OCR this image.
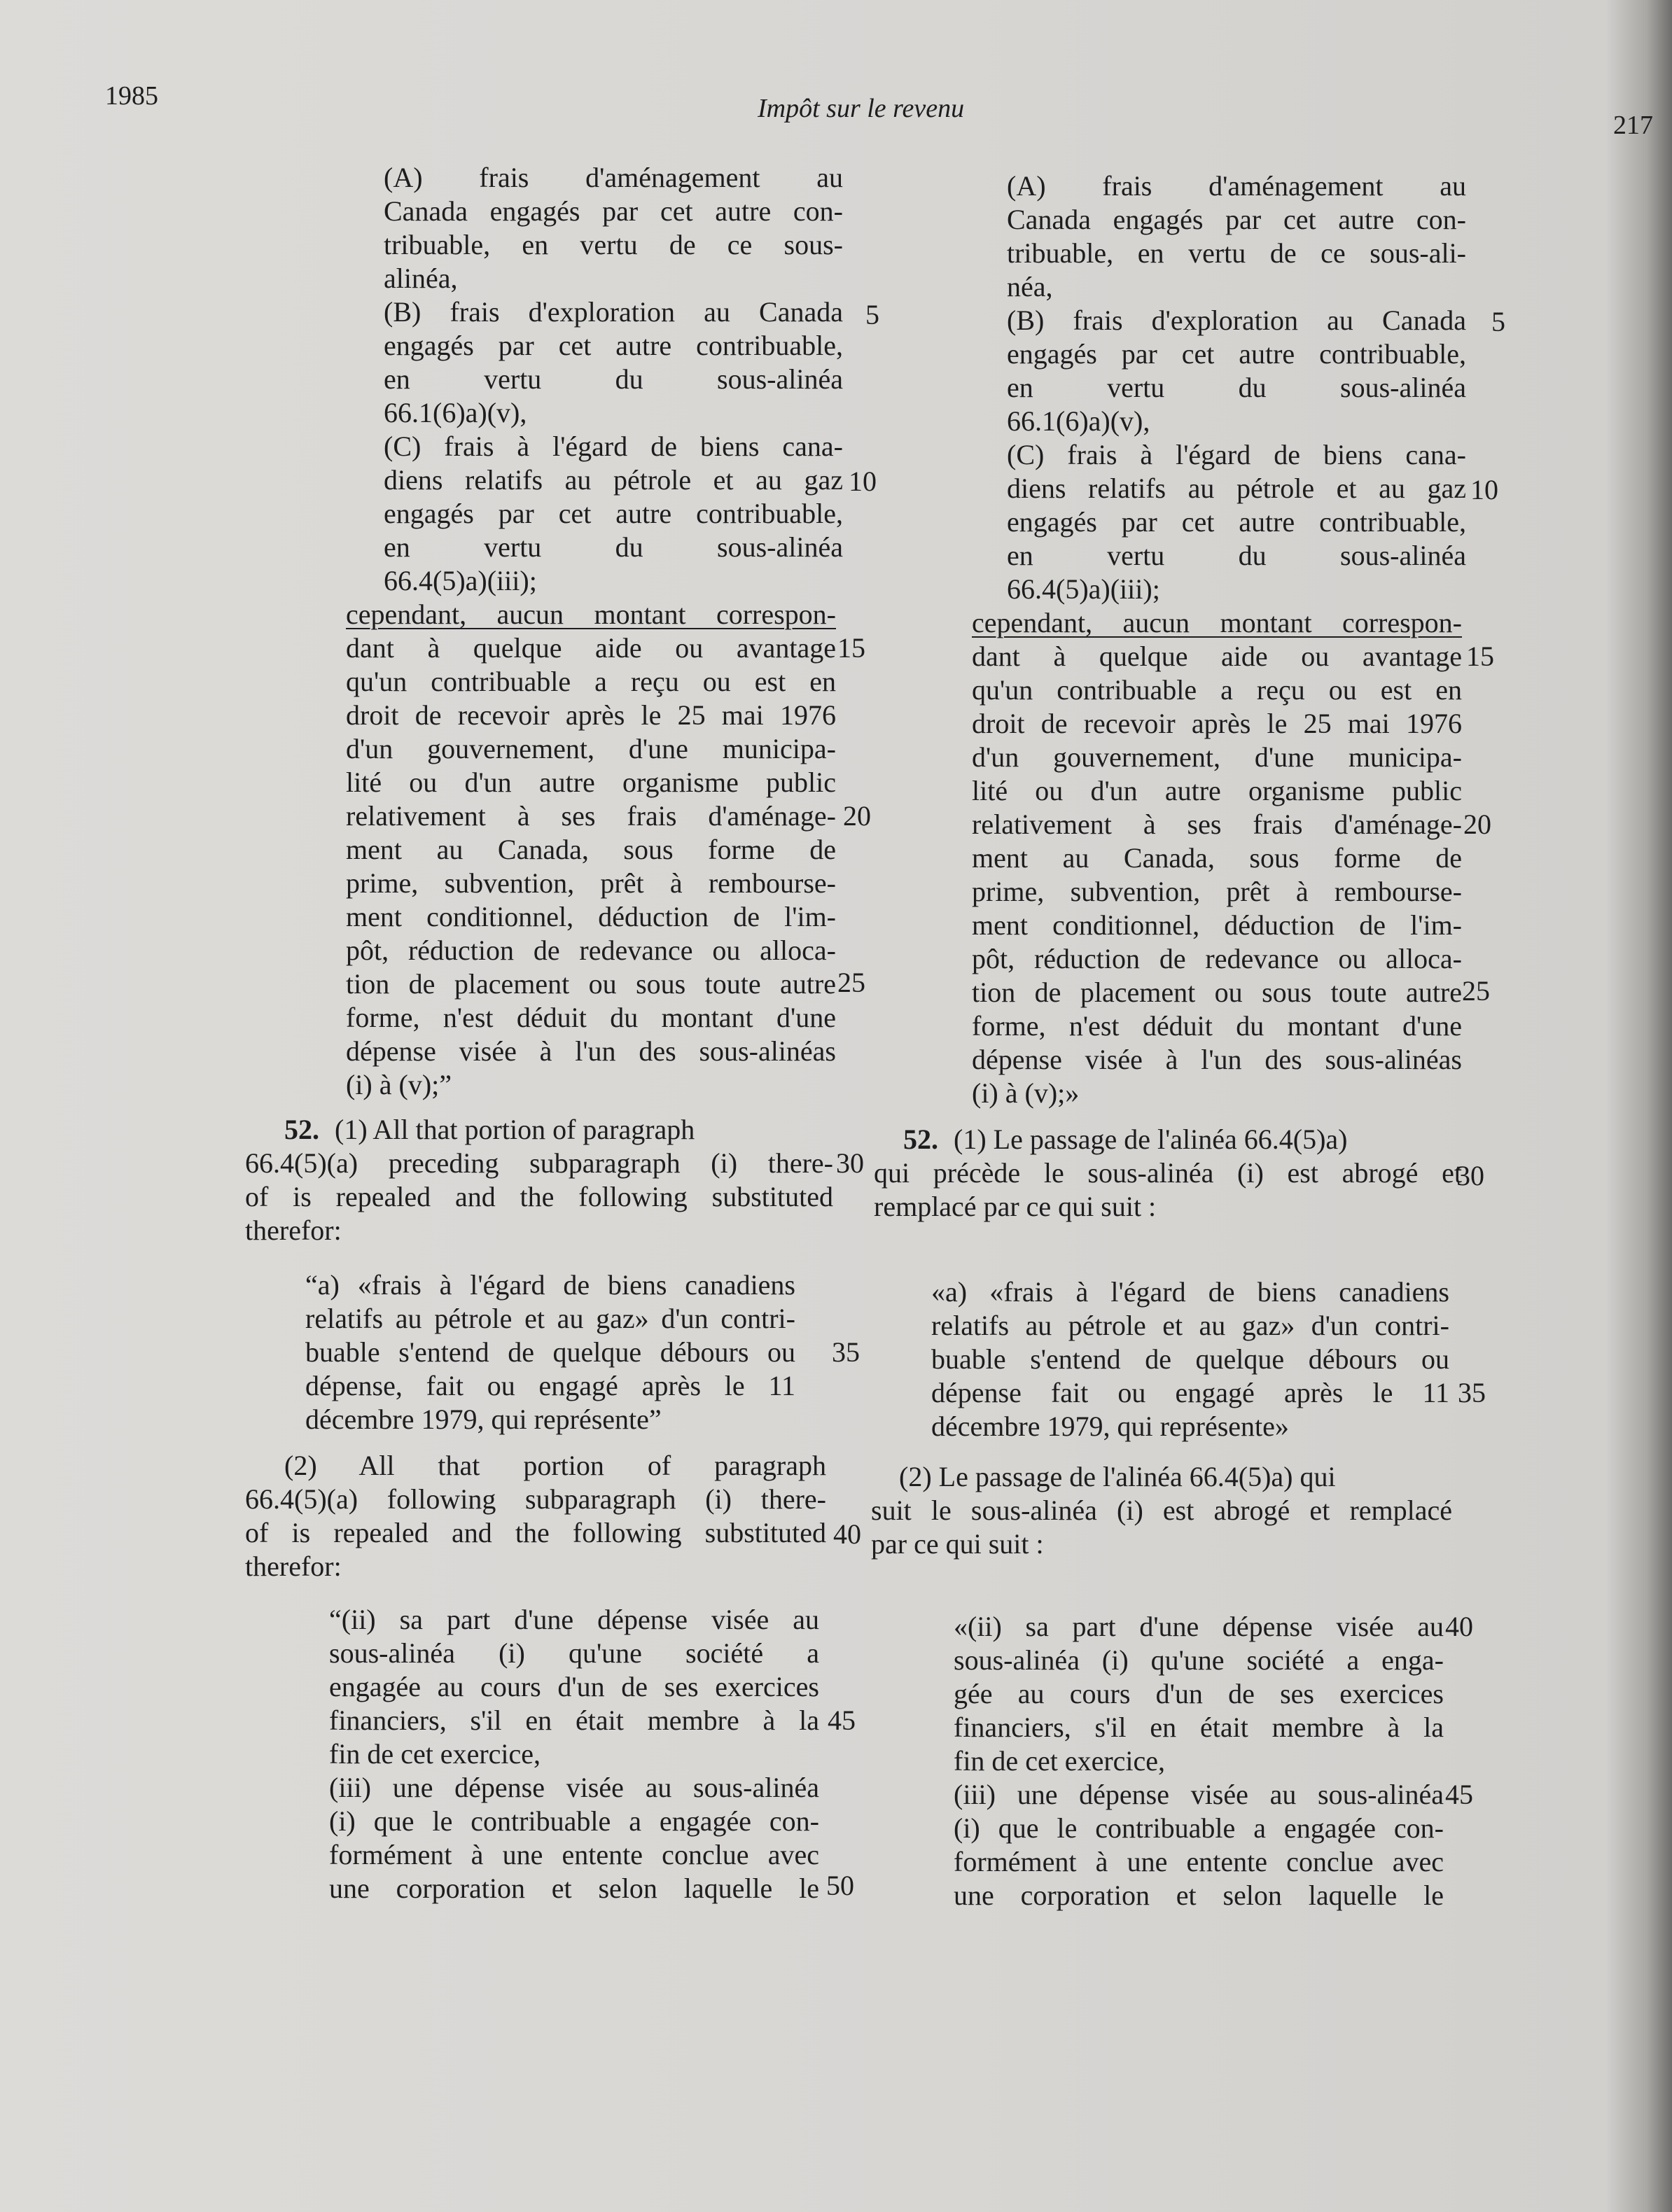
1985	Impôt sur le revenu
217
(A) frais d'aménagement au
Canada engagés par cet autre con-
tribuable, en vertu de ce sous-
alinéa,
(B) frais d'exploration au Canada
engagés par cet autre contribuable,
en vertu du sous-alinéa
66.1(6)a)(v),
(C) frais à l'égard de biens cana-
diens relatifs au pétrole et au gaz
engagés par cet autre contribuable,
en vertu du sous-alinéa
66.4(5)a)(iii);
cependant, aucun montant correspon-
dant à quelque aide ou avantage
qu'un contribuable a reçu ou est en
droit de recevoir après le 25 mai 1976
d'un gouvernement, d'une municipa-
lité ou d'un autre organisme public
relativement à ses frais d'aménage-
ment au Canada, sous forme de
prime, subvention, prêt à rembourse-
ment conditionnel, déduction de l'im-
pôt, réduction de redevance ou alloca-
tion de placement ou sous toute autre
forme, n'est déduit du montant d'une
dépense visée à l'un des sous-alinéas
(i) à (v);”
52. (1) All that portion of paragraph
66.4(5)(a) preceding subparagraph (i) there-
of is repealed and the following substituted
therefor:
“a) «frais à l'égard de biens canadiens
relatifs au pétrole et au gaz» d'un contri-
buable s'entend de quelque débours ou
dépense, fait ou engagé après le 11
décembre 1979, qui représente”
(2) All that portion of paragraph
66.4(5)(a) following subparagraph (i) there-
of is repealed and the following substituted
therefor:
“(ii) sa part d'une dépense visée au
sous-alinéa (i) qu'une société a
engagée au cours d'un de ses exercices
financiers, s'il en était membre à la
fin de cet exercice,
(iii) une dépense visée au sous-alinéa
(i) que le contribuable a engagée con-
formément à une entente conclue avec
une corporation et selon laquelle le
5
10
15
20
25
30
35
40
45
50
(A) frais d'aménagement au
Canada engagés par cet autre con-
tribuable, en vertu de ce sous-ali-
néa,
(B) frais d'exploration au Canada
engagés par cet autre contribuable,
en vertu du sous-alinéa
66.1(6)a)(v),
(C) frais à l'égard de biens cana-
diens relatifs au pétrole et au gaz
engagés par cet autre contribuable,
en vertu du sous-alinéa
66.4(5)a)(iii);
cependant, aucun montant correspon-
dant à quelque aide ou avantage
qu'un contribuable a reçu ou est en
droit de recevoir après le 25 mai 1976
d'un gouvernement, d'une municipa-
lité ou d'un autre organisme public
relativement à ses frais d'aménage-
ment au Canada, sous forme de
prime, subvention, prêt à rembourse-
ment conditionnel, déduction de l'im-
pôt, réduction de redevance ou alloca-
tion de placement ou sous toute autre
forme, n'est déduit du montant d'une
dépense visée à l'un des sous-alinéas
(i) à (v);»
52. (1) Le passage de l'alinéa 66.4(5)a)
qui précède le sous-alinéa (i) est abrogé et
remplacé par ce qui suit :
«a) «frais à l'égard de biens canadiens
relatifs au pétrole et au gaz» d'un contri-
buable s'entend de quelque débours ou
dépense fait ou engagé après le 11
décembre 1979, qui représente»
(2) Le passage de l'alinéa 66.4(5)a) qui
suit le sous-alinéa (i) est abrogé et remplacé
par ce qui suit :
«(ii) sa part d'une dépense visée au
sous-alinéa (i) qu'une société a enga-
gée au cours d'un de ses exercices
financiers, s'il en était membre à la
fin de cet exercice,
(iii) une dépense visée au sous-alinéa
(i) que le contribuable a engagée con-
formément à une entente conclue avec
une corporation et selon laquelle le
5
10
15
20
25
30
35
40
45
